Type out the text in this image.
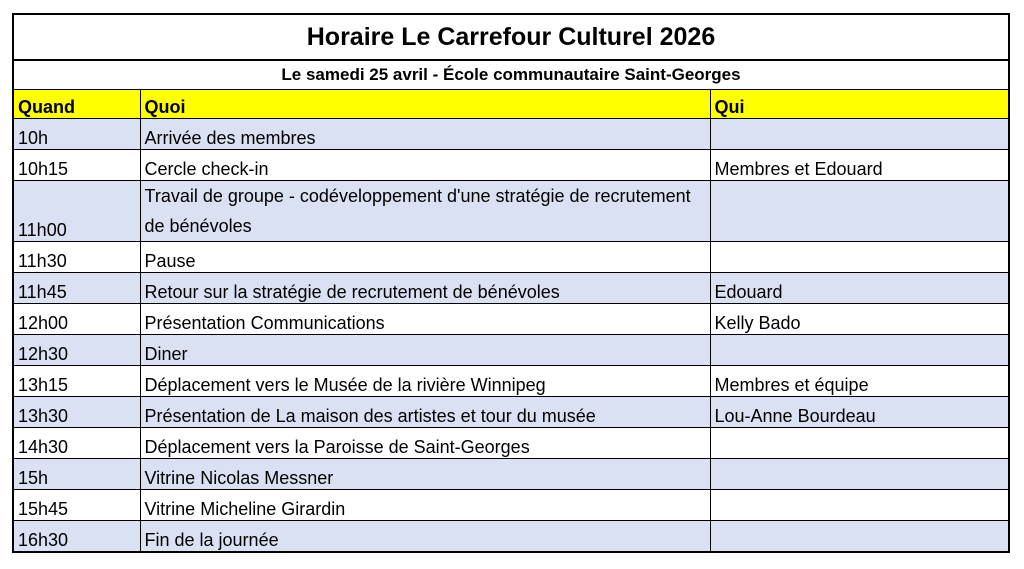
Horaire Le Carrefour Culturel 2026
Le samedi 25 avril - École communautaire Saint-Georges
Quand	Quoi	Qui
10h	Arrivée des membres	
10h15	Cercle check-in	Membres et Edouard
11h00	Travail de groupe - codéveloppement d'une stratégie de recrutement de bénévoles	
11h30	Pause	
11h45	Retour sur la stratégie de recrutement de bénévoles	Edouard
12h00	Présentation Communications	Kelly Bado
12h30	Diner	
13h15	Déplacement vers le Musée de la rivière Winnipeg	Membres et équipe
13h30	Présentation de La maison des artistes et tour du musée	Lou-Anne Bourdeau
14h30	Déplacement vers la Paroisse de Saint-Georges	
15h	Vitrine Nicolas Messner	
15h45	Vitrine Micheline Girardin	
16h30	Fin de la journée	
